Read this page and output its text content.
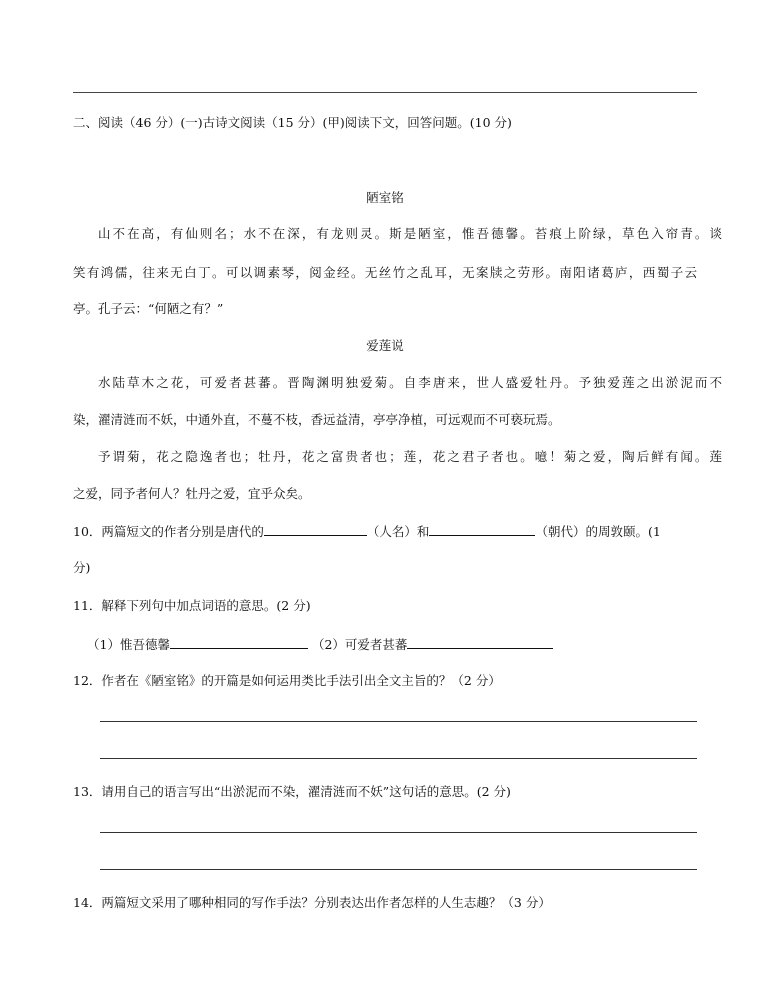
二、阅读（46 分）(一)古诗文阅读（15 分）(甲)阅读下文，回答问题。(10 分)
陋室铭
山不在高，有仙则名；水不在深，有龙则灵。斯是陋室，惟吾德馨。苔痕上阶绿，草色入帘青。谈
笑有鸿儒，往来无白丁。可以调素琴，阅金经。无丝竹之乱耳，无案牍之劳形。南阳诸葛庐，西蜀子云
亭。孔子云：“何陋之有？”
爱莲说
水陆草木之花，可爱者甚蕃。晋陶渊明独爱菊。自李唐来，世人盛爱牡丹。予独爱莲之出淤泥而不
染，濯清涟而不妖，中通外直，不蔓不枝，香远益清，亭亭净植，可远观而不可亵玩焉。
予谓菊，花之隐逸者也；牡丹，花之富贵者也；莲，花之君子者也。噫！菊之爱，陶后鲜有闻。莲
之爱，同予者何人？牡丹之爱，宜乎众矣。
10．两篇短文的作者分别是唐代的	（人名）和	（朝代）的周敦颐。(1
分)
11．解释下列句中加点词语的意思。(2 分)
（1）惟吾德馨	（2）可爱者甚蕃
12．作者在《陋室铭》的开篇是如何运用类比手法引出全文主旨的？（2 分）
13．请用自己的语言写出“出淤泥而不染，濯清涟而不妖”这句话的意思。(2 分)
14．两篇短文采用了哪种相同的写作手法？分别表达出作者怎样的人生志趣？（3 分）
